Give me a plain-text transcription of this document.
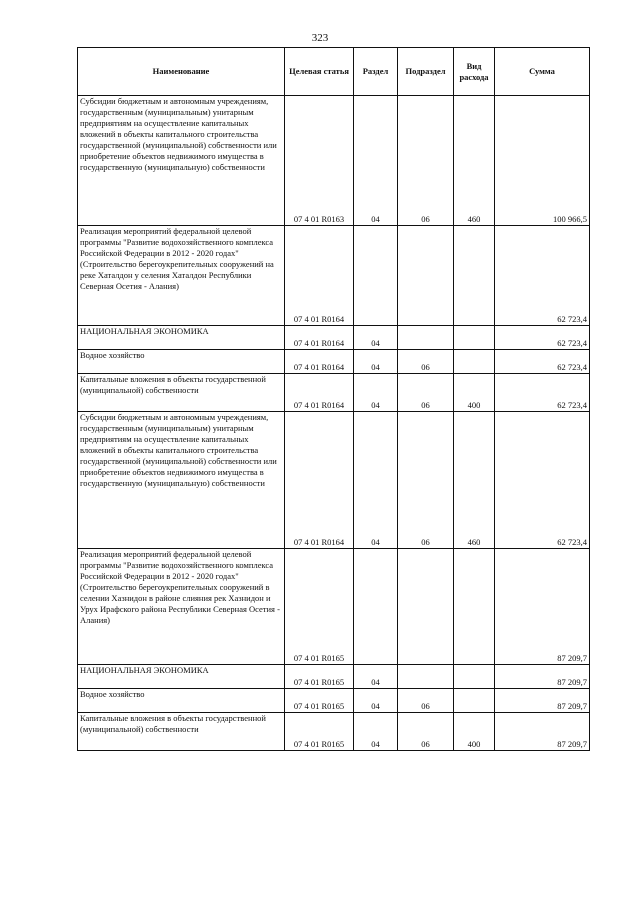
323
Наименование	Целевая статья	Раздел	Подраздел	Вид расхода	Сумма

Субсидии бюджетным и автономным учреждениям, государственным (муниципальным) унитарным предприятиям на осуществление капитальных вложений в объекты капитального строительства государственной (муниципальной) собственности или приобретение объектов недвижимого имущества в государственную (муниципальную) собственности	07 4 01 R0163	04	06	460	100 966,5

Реализация мероприятий федеральной целевой программы "Развитие водохозяйственного комплекса Российской Федерации в 2012 - 2020 годах" (Строительство берегоукрепительных сооружений на реке Хаталдон у селения Хаталдон Республики Северная Осетия - Алания)	07 4 01 R0164				62 723,4

НАЦИОНАЛЬНАЯ ЭКОНОМИКА	07 4 01 R0164	04			62 723,4

Водное хозяйство	07 4 01 R0164	04	06		62 723,4

Капитальные вложения в объекты государственной (муниципальной) собственности	07 4 01 R0164	04	06	400	62 723,4

Субсидии бюджетным и автономным учреждениям, государственным (муниципальным) унитарным предприятиям на осуществление капитальных вложений в объекты капитального строительства государственной (муниципальной) собственности или приобретение объектов недвижимого имущества в государственную (муниципальную) собственности	07 4 01 R0164	04	06	460	62 723,4

Реализация мероприятий федеральной целевой программы "Развитие водохозяйственного комплекса Российской Федерации в 2012 - 2020 годах" (Строительство берегоукрепительных сооружений в селении Хазнидон в районе слияния рек Хазнидон и Урух Ирафского района Республики Северная Осетия - Алания)	07 4 01 R0165				87 209,7

НАЦИОНАЛЬНАЯ ЭКОНОМИКА	07 4 01 R0165	04			87 209,7

Водное хозяйство	07 4 01 R0165	04	06		87 209,7

Капитальные вложения в объекты государственной (муниципальной) собственности	07 4 01 R0165	04	06	400	87 209,7
